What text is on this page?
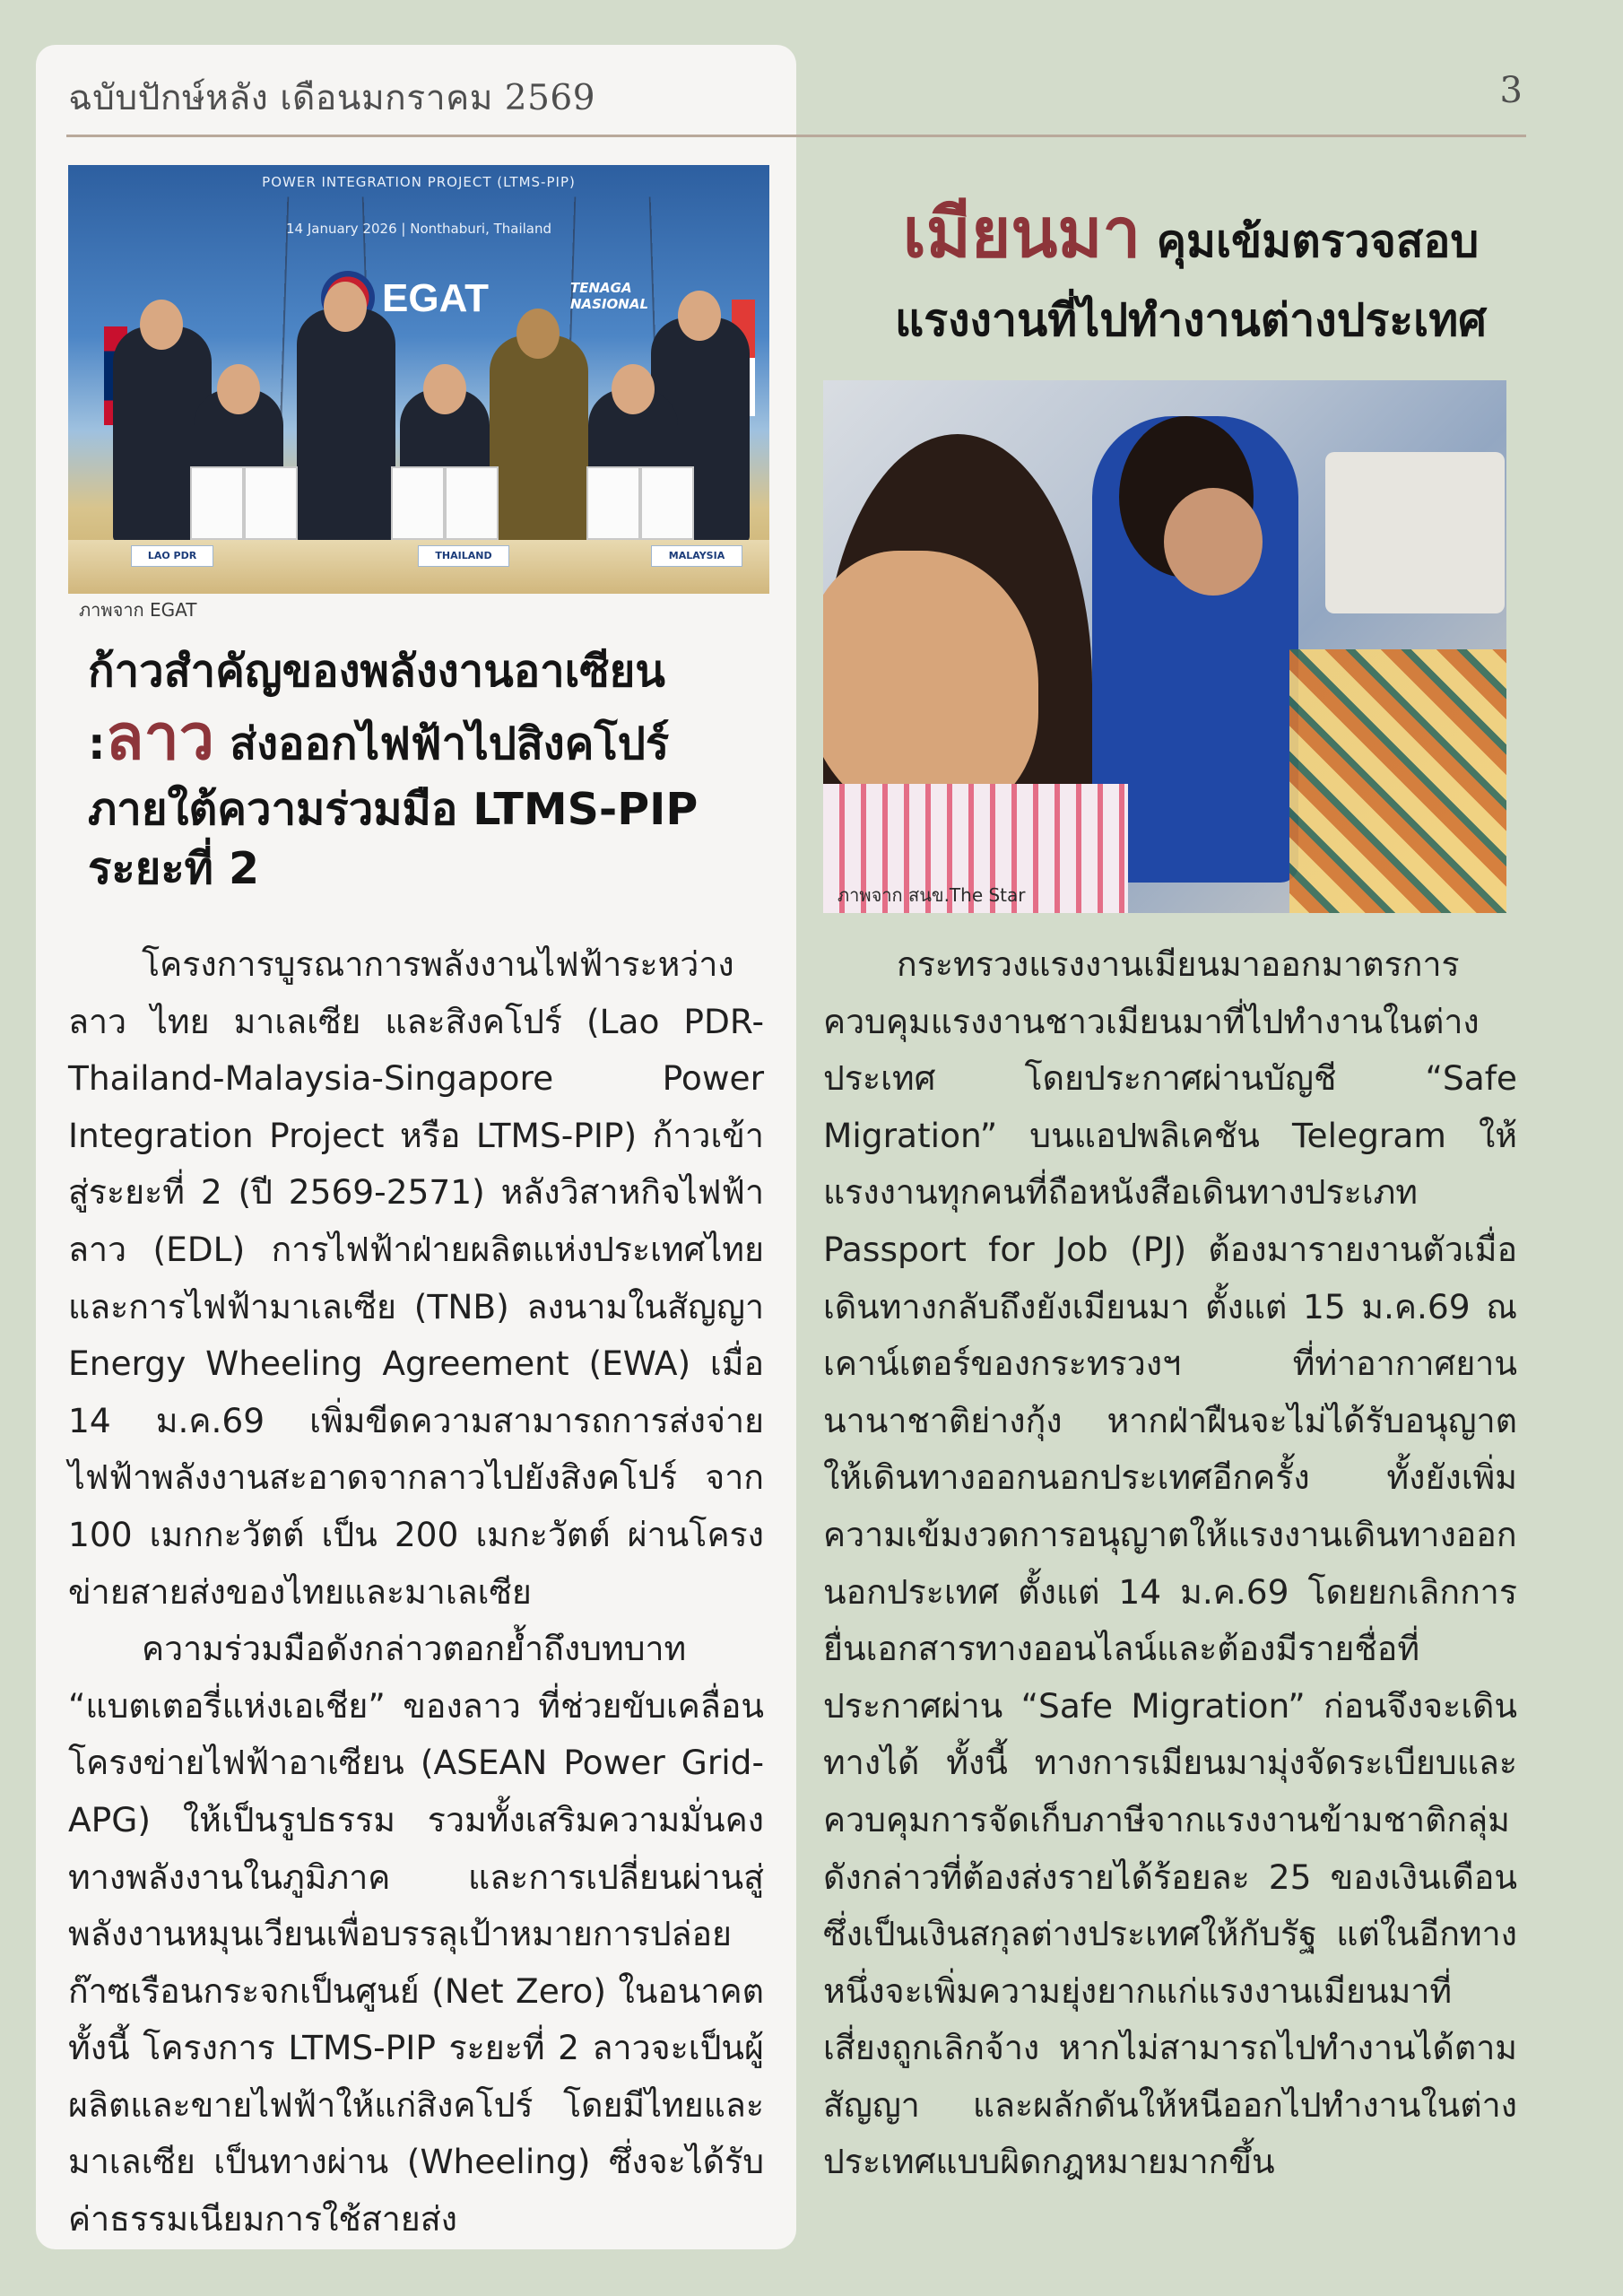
ฉบับปักษ์หลัง เดือนมกราคม 2569	3
POWER INTEGRATION PROJECT (LTMS-PIP)
14 January 2026 | Nonthaburi, Thailand
EGAT	TENAGA NASIONAL
LAO PDR	THAILAND	MALAYSIA
ภาพจาก EGAT
ก้าวสำคัญของพลังงานอาเซียน
:ลาว ส่งออกไฟฟ้าไปสิงคโปร์
ภายใต้ความร่วมมือ LTMS-PIP
ระยะที่ 2

โครงการบูรณาการพลังงานไฟฟ้าระหว่าง ลาว ไทย มาเลเซีย และสิงคโปร์ (Lao PDR-Thailand-Malaysia-Singapore Power Integration Project หรือ LTMS-PIP) ก้าวเข้าสู่ระยะที่ 2 (ปี 2569-2571) หลังวิสาหกิจไฟฟ้าลาว (EDL) การไฟฟ้าฝ่ายผลิตแห่งประเทศไทย และการไฟฟ้ามาเลเซีย (TNB) ลงนามในสัญญา Energy Wheeling Agreement (EWA) เมื่อ 14 ม.ค.69 เพิ่มขีดความสามารถการส่งจ่ายไฟฟ้าพลังงานสะอาดจากลาวไปยังสิงคโปร์ จาก 100 เมกกะวัตต์ เป็น 200 เมกะวัตต์ ผ่านโครงข่ายสายส่งของไทยและมาเลเซีย

ความร่วมมือดังกล่าวตอกย้ำถึงบทบาท “แบตเตอรี่แห่งเอเชีย” ของลาว ที่ช่วยขับเคลื่อนโครงข่ายไฟฟ้าอาเซียน (ASEAN Power Grid-APG) ให้เป็นรูปธรรม รวมทั้งเสริมความมั่นคงทางพลังงานในภูมิภาค และการเปลี่ยนผ่านสู่พลังงานหมุนเวียนเพื่อบรรลุเป้าหมายการปล่อยก๊าซเรือนกระจกเป็นศูนย์ (Net Zero) ในอนาคต ทั้งนี้ โครงการ LTMS-PIP ระยะที่ 2 ลาวจะเป็นผู้ผลิตและขายไฟฟ้าให้แก่สิงคโปร์ โดยมีไทยและมาเลเซีย เป็นทางผ่าน (Wheeling) ซึ่งจะได้รับค่าธรรมเนียมการใช้สายส่ง

เมียนมา คุมเข้มตรวจสอบ
แรงงานที่ไปทำงานต่างประเทศ
ภาพจาก สนข.The Star

กระทรวงแรงงานเมียนมาออกมาตรการควบคุมแรงงานชาวเมียนมาที่ไปทำงานในต่างประเทศ โดยประกาศผ่านบัญชี “Safe Migration” บนแอปพลิเคชัน Telegram ให้แรงงานทุกคนที่ถือหนังสือเดินทางประเภท Passport for Job (PJ) ต้องมารายงานตัวเมื่อเดินทางกลับถึงยังเมียนมา ตั้งแต่ 15 ม.ค.69 ณ เคาน์เตอร์ของกระทรวงฯ ที่ท่าอากาศยานนานาชาติย่างกุ้ง หากฝ่าฝืนจะไม่ได้รับอนุญาตให้เดินทางออกนอกประเทศอีกครั้ง ทั้งยังเพิ่มความเข้มงวดการอนุญาตให้แรงงานเดินทางออกนอกประเทศ ตั้งแต่ 14 ม.ค.69 โดยยกเลิกการยื่นเอกสารทางออนไลน์และต้องมีรายชื่อที่ประกาศผ่าน “Safe Migration” ก่อนจึงจะเดินทางได้ ทั้งนี้ ทางการเมียนมามุ่งจัดระเบียบและควบคุมการจัดเก็บภาษีจากแรงงานข้ามชาติกลุ่มดังกล่าวที่ต้องส่งรายได้ร้อยละ 25 ของเงินเดือน ซึ่งเป็นเงินสกุลต่างประเทศให้กับรัฐ แต่ในอีกทางหนึ่งจะเพิ่มความยุ่งยากแก่แรงงานเมียนมาที่เสี่ยงถูกเลิกจ้าง หากไม่สามารถไปทำงานได้ตามสัญญา และผลักดันให้หนีออกไปทำงานในต่างประเทศแบบผิดกฎหมายมากขึ้น
